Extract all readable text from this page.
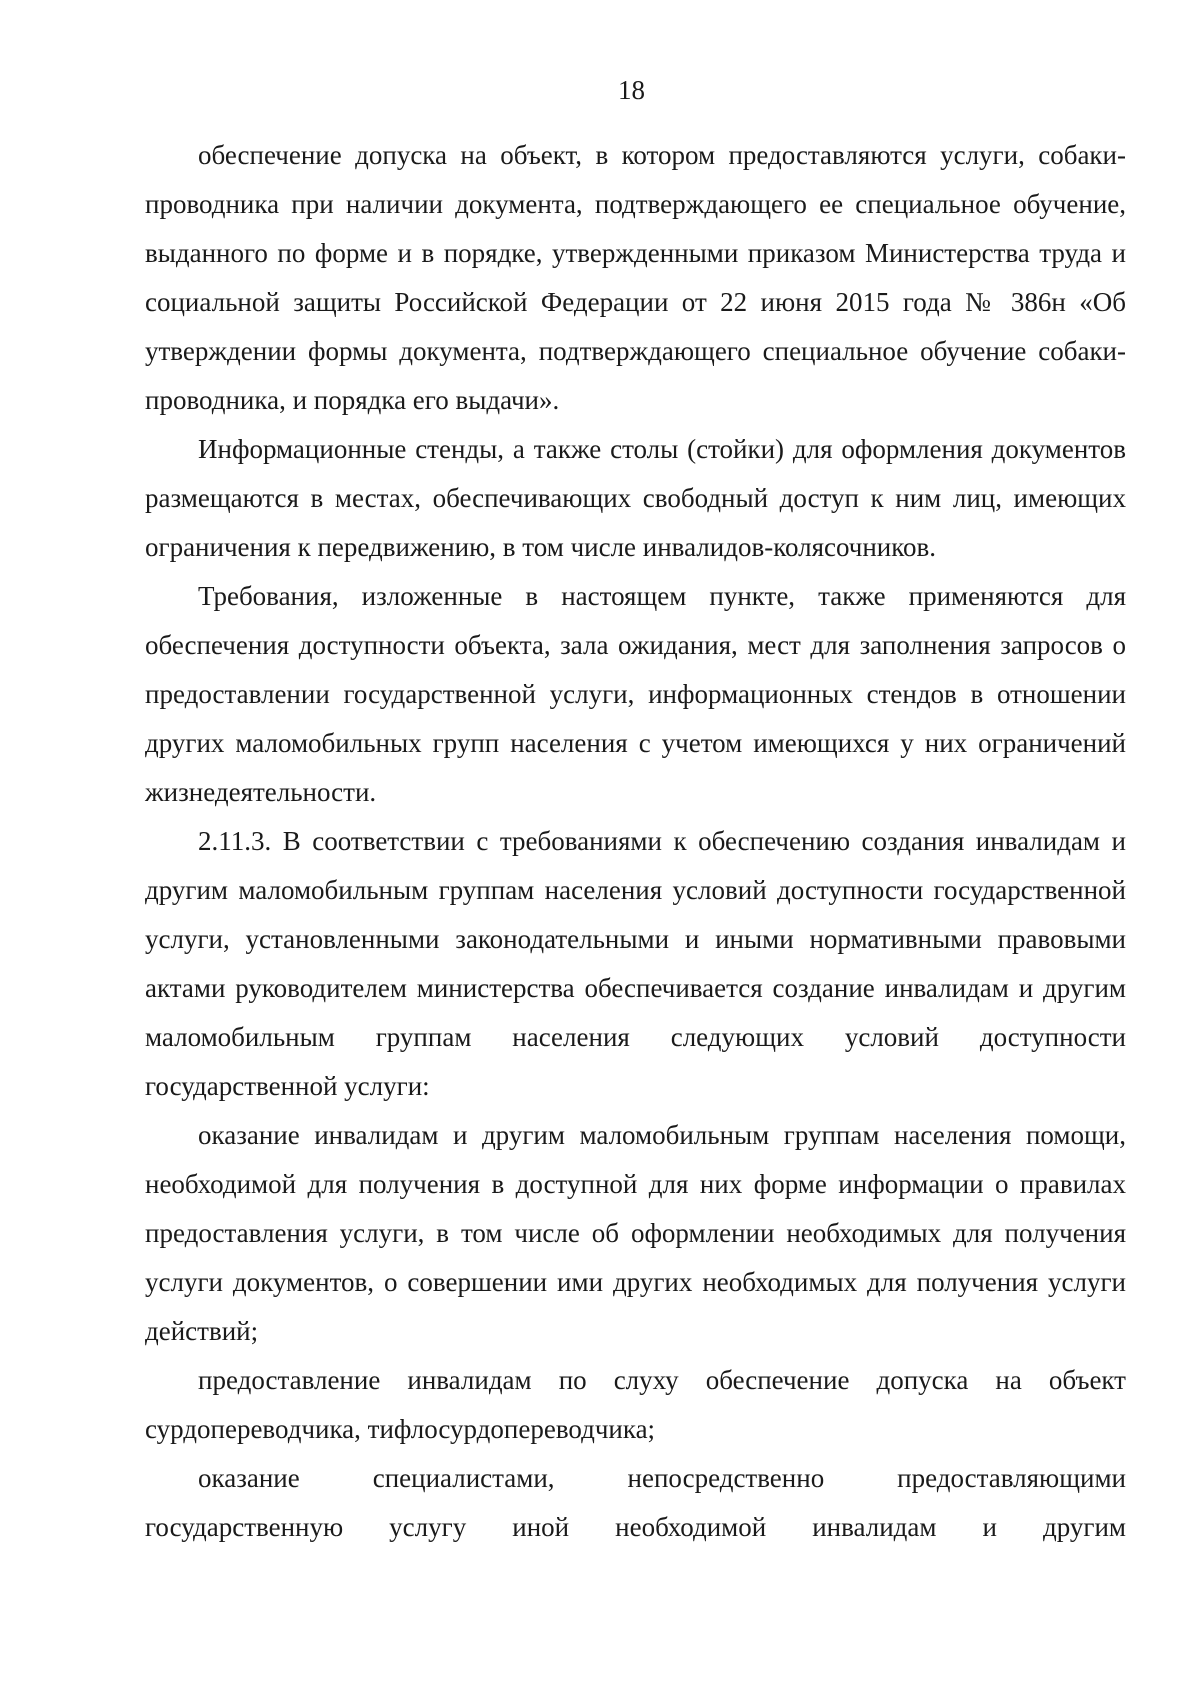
18

обеспечение допуска на объект, в котором предоставляются услуги, собаки-проводника при наличии документа, подтверждающего ее специальное обучение, выданного по форме и в порядке, утвержденными приказом Министерства труда и социальной защиты Российской Федерации от 22 июня 2015 года № 386н «Об утверждении формы документа, подтверждающего специальное обучение собаки-проводника, и порядка его выдачи».

Информационные стенды, а также столы (стойки) для оформления документов размещаются в местах, обеспечивающих свободный доступ к ним лиц, имеющих ограничения к передвижению, в том числе инвалидов-колясочников.

Требования, изложенные в настоящем пункте, также применяются для обеспечения доступности объекта, зала ожидания, мест для заполнения запросов о предоставлении государственной услуги, информационных стендов в отношении других маломобильных групп населения с учетом имеющихся у них ограничений жизнедеятельности.

2.11.3. В соответствии с требованиями к обеспечению создания инвалидам и другим маломобильным группам населения условий доступности государственной услуги, установленными законодательными и иными нормативными правовыми актами руководителем министерства обеспечивается создание инвалидам и другим маломобильным группам населения следующих условий доступности государственной услуги:

оказание инвалидам и другим маломобильным группам населения помощи, необходимой для получения в доступной для них форме информации о правилах предоставления услуги, в том числе об оформлении необходимых для получения услуги документов, о совершении ими других необходимых для получения услуги действий;

предоставление инвалидам по слуху обеспечение допуска на объект сурдопереводчика, тифлосурдопереводчика;

оказание специалистами, непосредственно предоставляющими государственную услугу иной необходимой инвалидам и другим
